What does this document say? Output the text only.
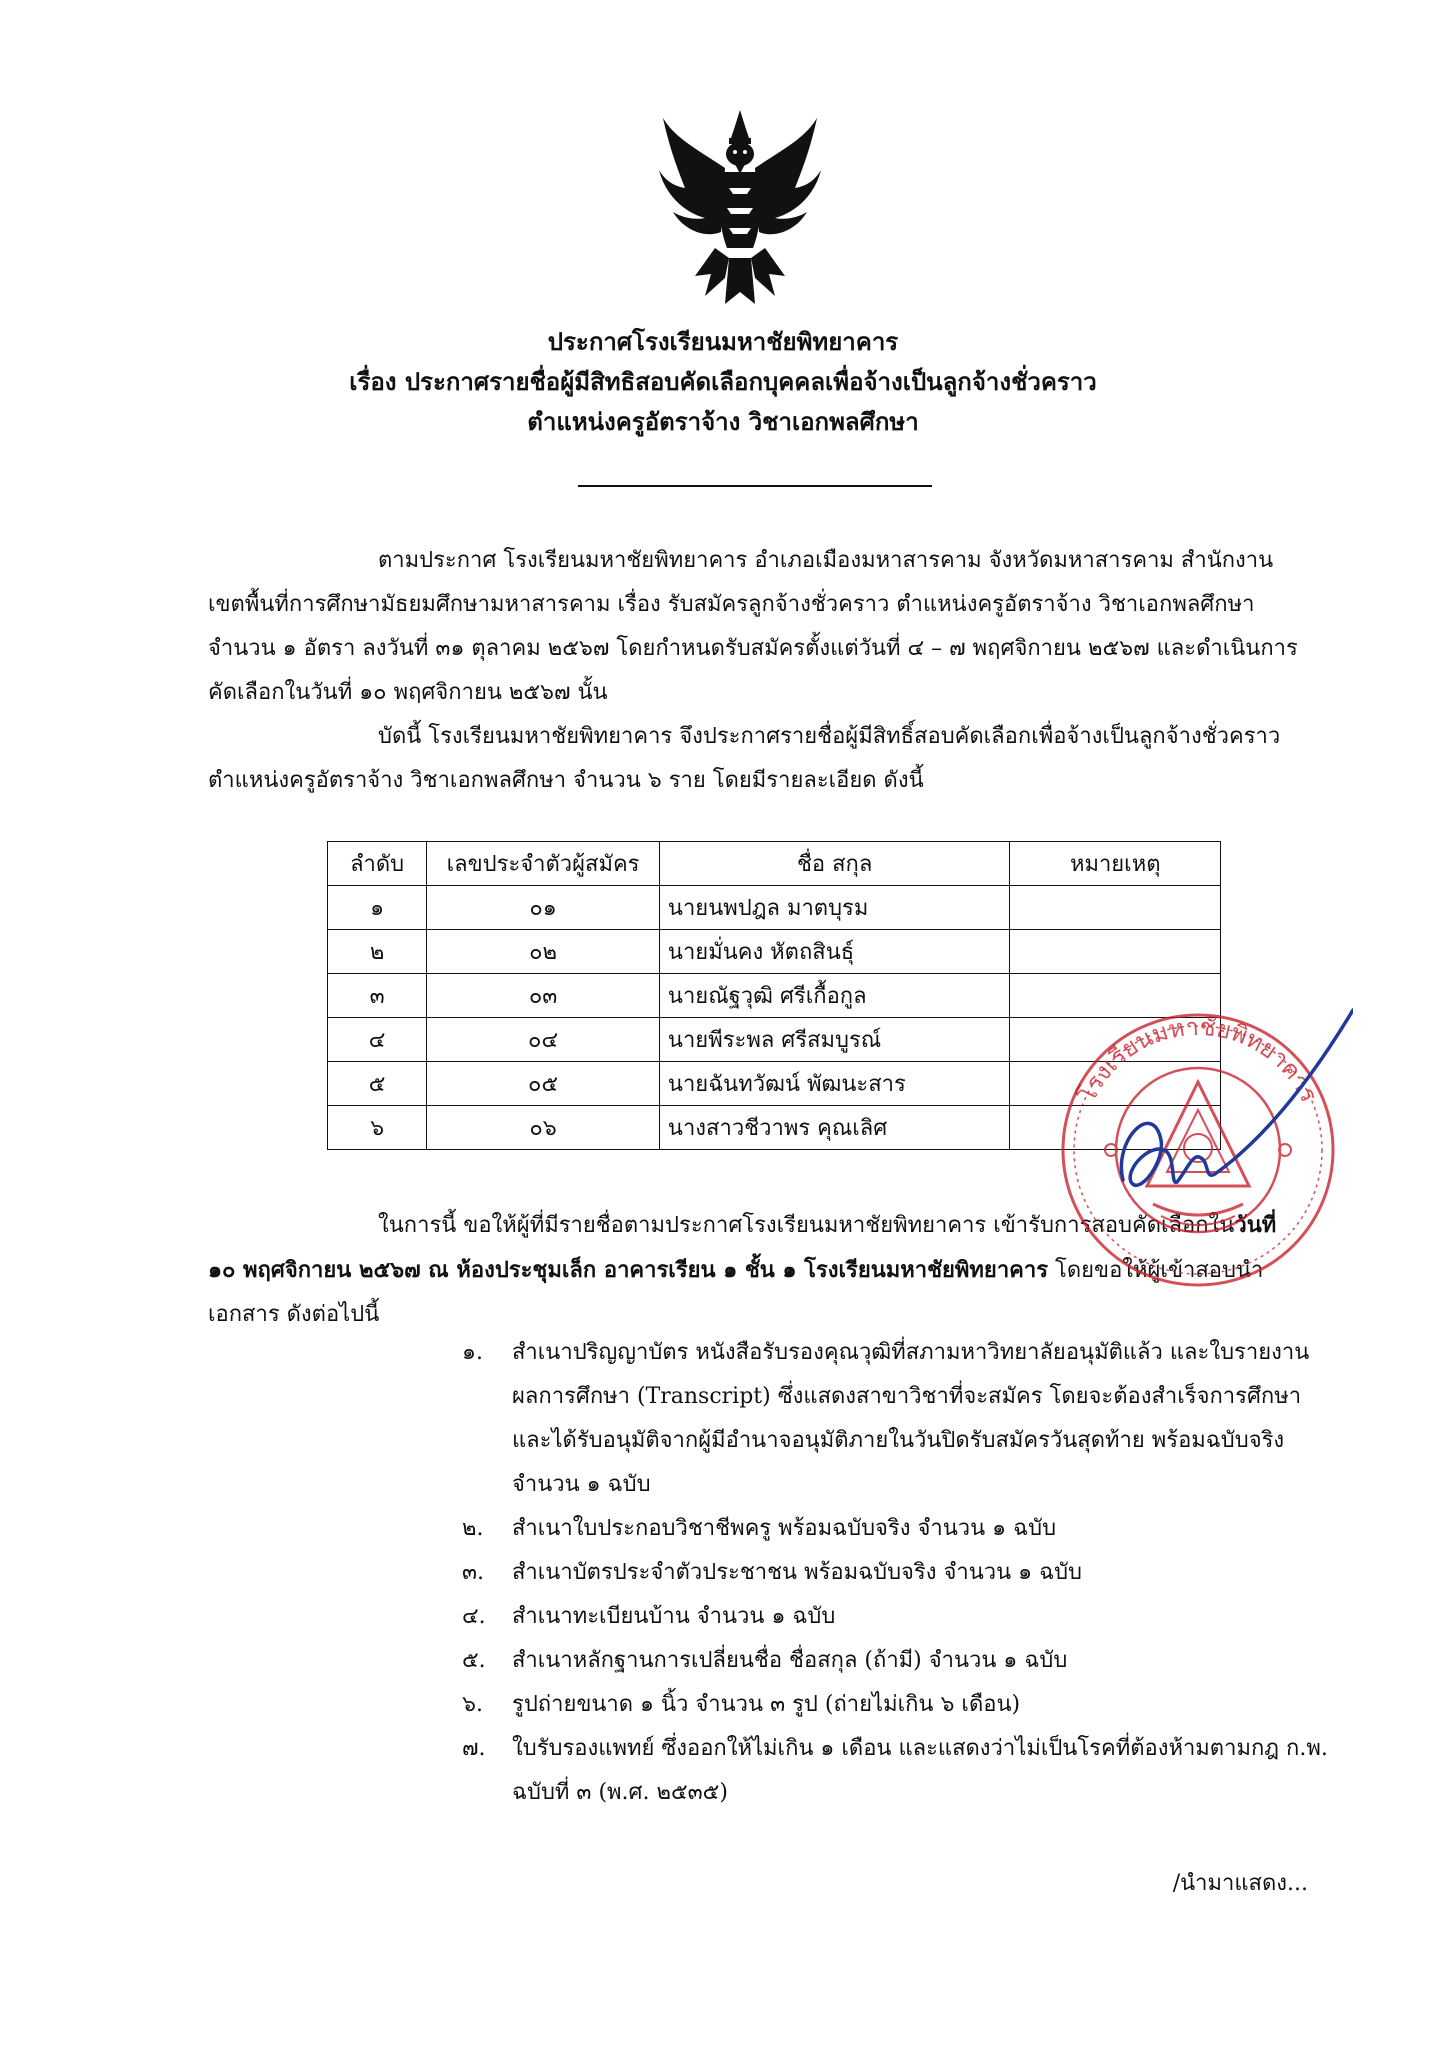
ประกาศโรงเรียนมหาชัยพิทยาคาร
เรื่อง ประกาศรายชื่อผู้มีสิทธิสอบคัดเลือกบุคคลเพื่อจ้างเป็นลูกจ้างชั่วคราว
ตำแหน่งครูอัตราจ้าง วิชาเอกพลศึกษา

ตามประกาศ โรงเรียนมหาชัยพิทยาคาร อำเภอเมืองมหาสารคาม จังหวัดมหาสารคาม สำนักงานเขตพื้นที่การศึกษามัธยมศึกษามหาสารคาม เรื่อง รับสมัครลูกจ้างชั่วคราว ตำแหน่งครูอัตราจ้าง วิชาเอกพลศึกษา จำนวน ๑ อัตรา ลงวันที่ ๓๑ ตุลาคม ๒๕๖๗ โดยกำหนดรับสมัครตั้งแต่วันที่ ๔ – ๗ พฤศจิกายน ๒๕๖๗ และดำเนินการคัดเลือกในวันที่ ๑๐ พฤศจิกายน ๒๕๖๗ นั้น

บัดนี้ โรงเรียนมหาชัยพิทยาคาร จึงประกาศรายชื่อผู้มีสิทธิ์สอบคัดเลือกเพื่อจ้างเป็นลูกจ้างชั่วคราว ตำแหน่งครูอัตราจ้าง วิชาเอกพลศึกษา จำนวน ๖ ราย โดยมีรายละเอียด ดังนี้

ลำดับ	เลขประจำตัวผู้สมัคร	ชื่อ สกุล	หมายเหตุ
๑	๐๑	นายนพปฎล มาตบุรม	
๒	๐๒	นายมั่นคง หัตถสินธุ์	
๓	๐๓	นายณัฐวุฒิ ศรีเกื้อกูล	
๔	๐๔	นายพีระพล ศรีสมบูรณ์	
๕	๐๕	นายฉันทวัฒน์ พัฒนะสาร	
๖	๐๖	นางสาวชีวาพร คุณเลิศ	

ในการนี้ ขอให้ผู้ที่มีรายชื่อตามประกาศโรงเรียนมหาชัยพิทยาคาร เข้ารับการสอบคัดเลือกในวันที่ ๑๐ พฤศจิกายน ๒๕๖๗ ณ ห้องประชุมเล็ก อาคารเรียน ๑ ชั้น ๑ โรงเรียนมหาชัยพิทยาคาร โดยขอให้ผู้เข้าสอบนำเอกสาร ดังต่อไปนี้

๑. สำเนาปริญญาบัตร หนังสือรับรองคุณวุฒิที่สภามหาวิทยาลัยอนุมัติแล้ว และใบรายงานผลการศึกษา (Transcript) ซึ่งแสดงสาขาวิชาที่จะสมัคร โดยจะต้องสำเร็จการศึกษา และได้รับอนุมัติจากผู้มีอำนาจอนุมัติภายในวันปิดรับสมัครวันสุดท้าย พร้อมฉบับจริง จำนวน ๑ ฉบับ
๒. สำเนาใบประกอบวิชาชีพครู พร้อมฉบับจริง จำนวน ๑ ฉบับ
๓. สำเนาบัตรประจำตัวประชาชน พร้อมฉบับจริง จำนวน ๑ ฉบับ
๔. สำเนาทะเบียนบ้าน จำนวน ๑ ฉบับ
๕. สำเนาหลักฐานการเปลี่ยนชื่อ ชื่อสกุล (ถ้ามี) จำนวน ๑ ฉบับ
๖. รูปถ่ายขนาด ๑ นิ้ว จำนวน ๓ รูป (ถ่ายไม่เกิน ๖ เดือน)
๗. ใบรับรองแพทย์ ซึ่งออกให้ไม่เกิน ๑ เดือน และแสดงว่าไม่เป็นโรคที่ต้องห้ามตามกฎ ก.พ. ฉบับที่ ๓ (พ.ศ. ๒๕๓๕)
/นำมาแสดง...
โรงเรียนมหาชัยพิทยาคาร
